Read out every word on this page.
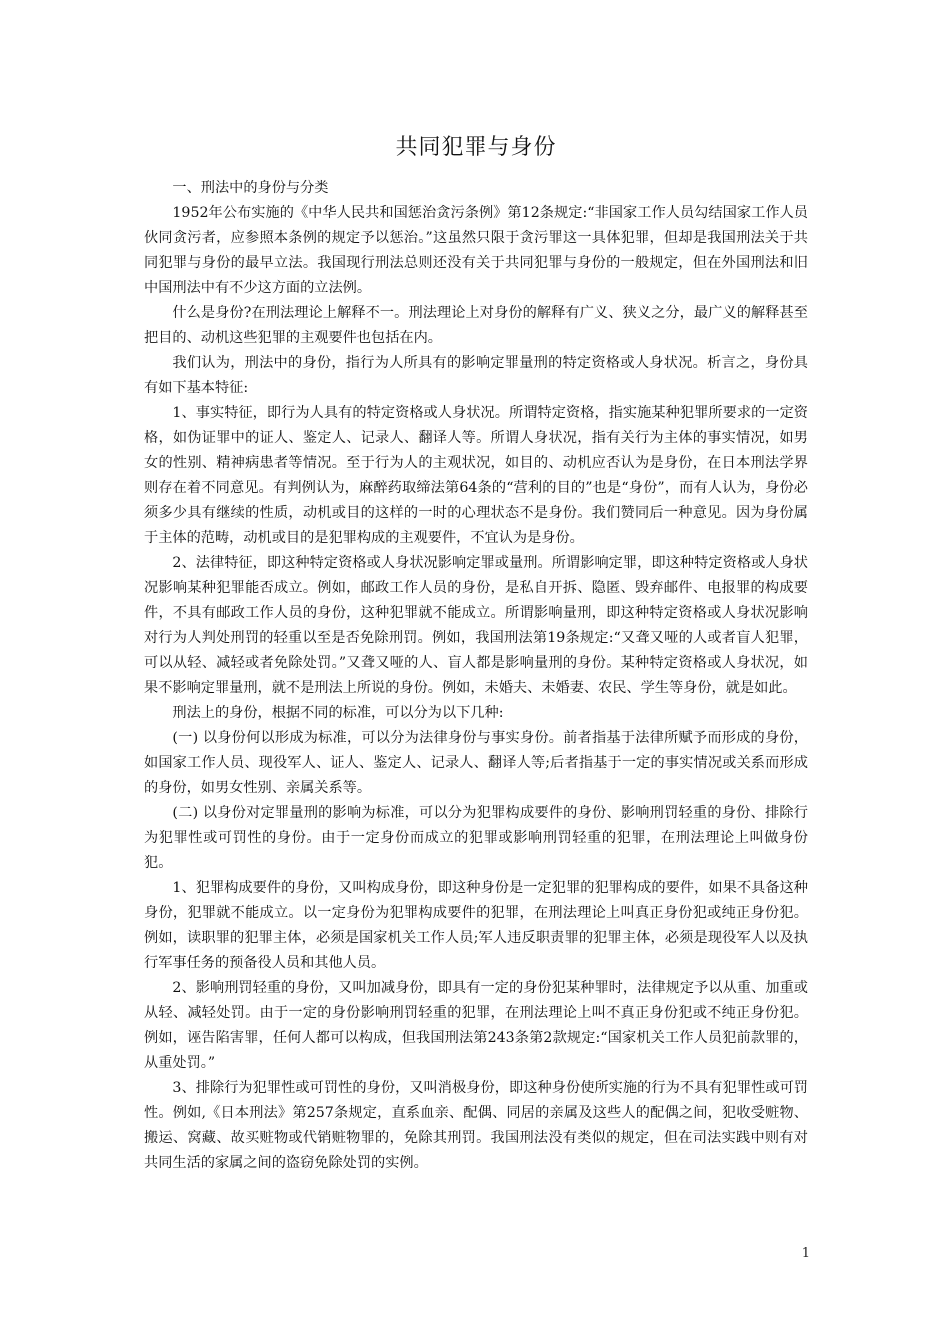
共同犯罪与身份

一、刑法中的身份与分类

1952年公布实施的《中华人民共和国惩治贪污条例》第12条规定:“非国家工作人员勾结国家工作人员伙同贪污者，应参照本条例的规定予以惩治。”这虽然只限于贪污罪这一具体犯罪，但却是我国刑法关于共同犯罪与身份的最早立法。我国现行刑法总则还没有关于共同犯罪与身份的一般规定，但在外国刑法和旧中国刑法中有不少这方面的立法例。

什么是身份?在刑法理论上解释不一。刑法理论上对身份的解释有广义、狭义之分，最广义的解释甚至把目的、动机这些犯罪的主观要件也包括在内。

我们认为，刑法中的身份，指行为人所具有的影响定罪量刑的特定资格或人身状况。析言之，身份具有如下基本特征:

1、事实特征，即行为人具有的特定资格或人身状况。所谓特定资格，指实施某种犯罪所要求的一定资格，如伪证罪中的证人、鉴定人、记录人、翻译人等。所谓人身状况，指有关行为主体的事实情况，如男女的性别、精神病患者等情况。至于行为人的主观状况，如目的、动机应否认为是身份，在日本刑法学界则存在着不同意见。有判例认为，麻醉药取缔法第64条的“营利的目的”也是“身份”，而有人认为，身份必须多少具有继续的性质，动机或目的这样的一时的心理状态不是身份。我们赞同后一种意见。因为身份属于主体的范畴，动机或目的是犯罪构成的主观要件，不宜认为是身份。

2、法律特征，即这种特定资格或人身状况影响定罪或量刑。所谓影响定罪，即这种特定资格或人身状况影响某种犯罪能否成立。例如，邮政工作人员的身份，是私自开拆、隐匿、毁弃邮件、电报罪的构成要件，不具有邮政工作人员的身份，这种犯罪就不能成立。所谓影响量刑，即这种特定资格或人身状况影响对行为人判处刑罚的轻重以至是否免除刑罚。例如，我国刑法第19条规定:“又聋又哑的人或者盲人犯罪，可以从轻、减轻或者免除处罚。”又聋又哑的人、盲人都是影响量刑的身份。某种特定资格或人身状况，如果不影响定罪量刑，就不是刑法上所说的身份。例如，未婚夫、未婚妻、农民、学生等身份，就是如此。

刑法上的身份，根据不同的标准，可以分为以下几种:

(一) 以身份何以形成为标准，可以分为法律身份与事实身份。前者指基于法律所赋予而形成的身份，如国家工作人员、现役军人、证人、鉴定人、记录人、翻译人等;后者指基于一定的事实情况或关系而形成的身份，如男女性别、亲属关系等。

(二) 以身份对定罪量刑的影响为标准，可以分为犯罪构成要件的身份、影响刑罚轻重的身份、排除行为犯罪性或可罚性的身份。由于一定身份而成立的犯罪或影响刑罚轻重的犯罪，在刑法理论上叫做身份犯。

1、犯罪构成要件的身份，又叫构成身份，即这种身份是一定犯罪的犯罪构成的要件，如果不具备这种身份，犯罪就不能成立。以一定身份为犯罪构成要件的犯罪，在刑法理论上叫真正身份犯或纯正身份犯。例如，读职罪的犯罪主体，必须是国家机关工作人员;军人违反职责罪的犯罪主体，必须是现役军人以及执行军事任务的预备役人员和其他人员。

2、影响刑罚轻重的身份，又叫加减身份，即具有一定的身份犯某种罪时，法律规定予以从重、加重或从轻、减轻处罚。由于一定的身份影响刑罚轻重的犯罪，在刑法理论上叫不真正身份犯或不纯正身份犯。例如，诬告陷害罪，任何人都可以构成，但我国刑法第243条第2款规定:“国家机关工作人员犯前款罪的，从重处罚。”

3、排除行为犯罪性或可罚性的身份，又叫消极身份，即这种身份使所实施的行为不具有犯罪性或可罚性。例如,《日本刑法》第257条规定，直系血亲、配偶、同居的亲属及这些人的配偶之间，犯收受赃物、搬运、窝藏、故买赃物或代销赃物罪的，免除其刑罚。我国刑法没有类似的规定，但在司法实践中则有对共同生活的家属之间的盗窃免除处罚的实例。

1
